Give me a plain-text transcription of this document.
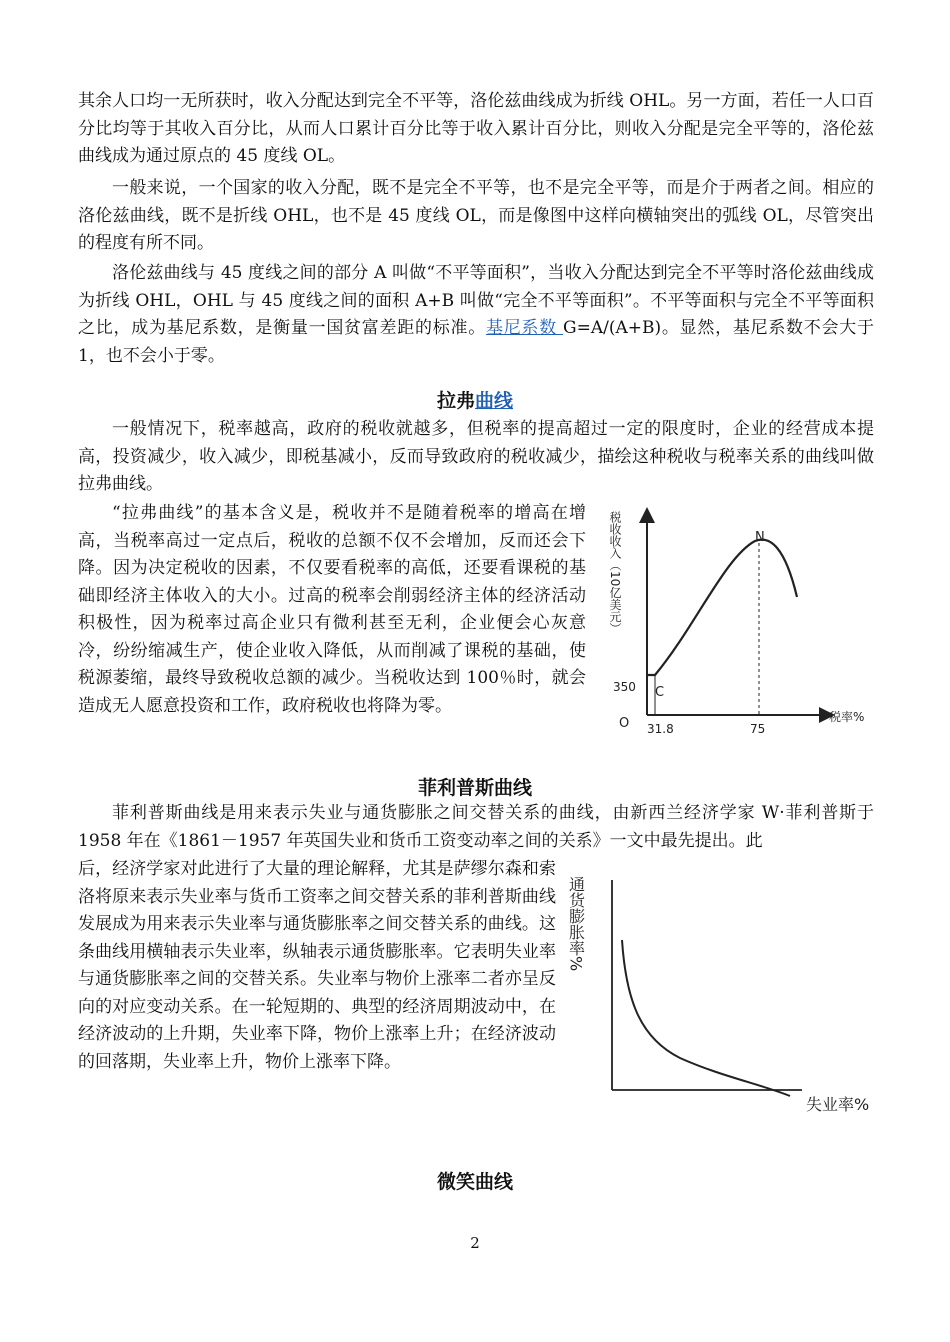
其余人口均一无所获时，收入分配达到完全不平等，洛伦兹曲线成为折线 OHL。另一方面，若任一人口百分比均等于其收入百分比，从而人口累计百分比等于收入累计百分比，则收入分配是完全平等的，洛伦兹曲线成为通过原点的 45 度线 OL。

一般来说，一个国家的收入分配，既不是完全不平等，也不是完全平等，而是介于两者之间。相应的洛伦兹曲线，既不是折线 OHL，也不是 45 度线 OL，而是像图中这样向横轴突出的弧线 OL，尽管突出的程度有所不同。

洛伦兹曲线与 45 度线之间的部分 A 叫做“不平等面积”，当收入分配达到完全不平等时洛伦兹曲线成为折线 OHL，OHL 与 45 度线之间的面积 A+B 叫做“完全不平等面积”。不平等面积与完全不平等面积之比，成为基尼系数，是衡量一国贫富差距的标准。基尼系数 G=A/(A+B)。显然，基尼系数不会大于 1，也不会小于零。

拉弗曲线

一般情况下，税率越高，政府的税收就越多，但税率的提高超过一定的限度时，企业的经营成本提高，投资减少，收入减少，即税基减小，反而导致政府的税收减少，描绘这种税收与税率关系的曲线叫做拉弗曲线。

“拉弗曲线”的基本含义是，税收并不是随着税率的增高在增高，当税率高过一定点后，税收的总额不仅不会增加，反而还会下降。因为决定税收的因素，不仅要看税率的高低，还要看课税的基础即经济主体收入的大小。过高的税率会削弱经济主体的经济活动积极性，因为税率过高企业只有微利甚至无利，企业便会心灰意冷，纷纷缩减生产，使企业收入降低，从而削减了课税的基础，使税源萎缩，最终导致税收总额的减少。当税收达到 100％时，就会造成无人愿意投资和工作，政府税收也将降为零。

税收收入（10亿美元）
350
O
C
N
31.8	75
税率%
菲利普斯曲线

菲利普斯曲线是用来表示失业与通货膨胀之间交替关系的曲线，由新西兰经济学家 W·菲利普斯于 1958 年在《1861－1957 年英国失业和货币工资变动率之间的关系》一文中最先提出。此

后，经济学家对此进行了大量的理论解释，尤其是萨缪尔森和索洛将原来表示失业率与货币工资率之间交替关系的菲利普斯曲线发展成为用来表示失业率与通货膨胀率之间交替关系的曲线。这条曲线用横轴表示失业率，纵轴表示通货膨胀率。它表明失业率与通货膨胀率之间的交替关系。失业率与物价上涨率二者亦呈反向的对应变动关系。在一轮短期的、典型的经济周期波动中，在经济波动的上升期，失业率下降，物价上涨率上升；在经济波动的回落期，失业率上升，物价上涨率下降。

通货膨胀率%
失业率%
微笑曲线
2
